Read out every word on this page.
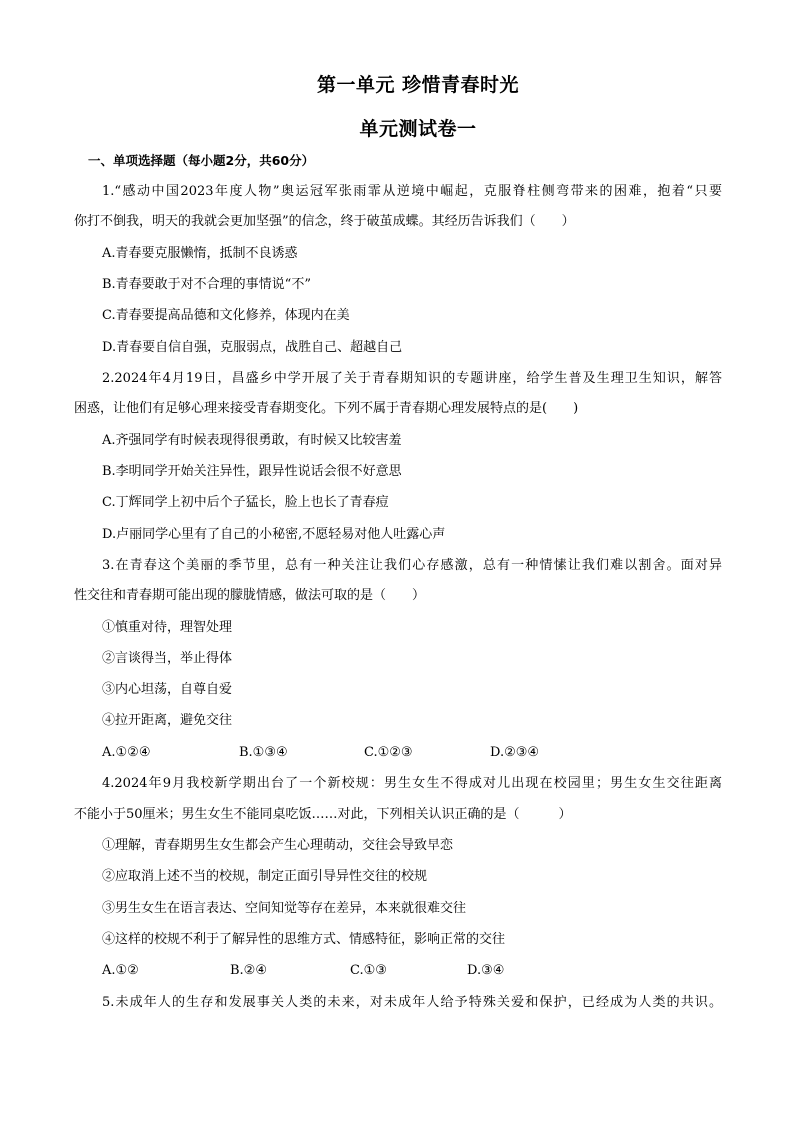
第一单元 珍惜青春时光
单元测试卷一
一、单项选择题（每小题2分，共60分）
1.“感动中国2023年度人物”奥运冠军张雨霏从逆境中崛起，克服脊柱侧弯带来的困难，抱着“只要
你打不倒我，明天的我就会更加坚强”的信念，终于破茧成蝶。其经历告诉我们（　　）
A.青春要克服懒惰，抵制不良诱惑
B.青春要敢于对不合理的事情说“不”
C.青春要提高品德和文化修养，体现内在美
D.青春要自信自强，克服弱点，战胜自己、超越自己
2.2024年4月19日，昌盛乡中学开展了关于青春期知识的专题讲座，给学生普及生理卫生知识，解答
困惑，让他们有足够心理来接受青春期变化。下列不属于青春期心理发展特点的是(　　)
A.齐强同学有时候表现得很勇敢，有时候又比较害羞
B.李明同学开始关注异性，跟异性说话会很不好意思
C.丁辉同学上初中后个子猛长，脸上也长了青春痘
D.卢丽同学心里有了自己的小秘密,不愿轻易对他人吐露心声
3.在青春这个美丽的季节里，总有一种关注让我们心存感激，总有一种情愫让我们难以割舍。面对异
性交往和青春期可能出现的朦胧情感，做法可取的是（　　）
①慎重对待，理智处理
②言谈得当，举止得体
③内心坦荡，自尊自爱
④拉开距离，避免交往
A.①②④	B.①③④	C.①②③	D.②③④
4.2024年9月我校新学期出台了一个新校规：男生女生不得成对儿出现在校园里；男生女生交往距离
不能小于50厘米；男生女生不能同桌吃饭……对此，下列相关认识正确的是（　　　）
①理解，青春期男生女生都会产生心理萌动，交往会导致早恋
②应取消上述不当的校规，制定正面引导异性交往的校规
③男生女生在语言表达、空间知觉等存在差异，本来就很难交往
④这样的校规不利于了解异性的思维方式、情感特征，影响正常的交往
A.①②	B.②④	C.①③	D.③④
5.未成年人的生存和发展事关人类的未来，对未成年人给予特殊关爱和保护，已经成为人类的共识。
